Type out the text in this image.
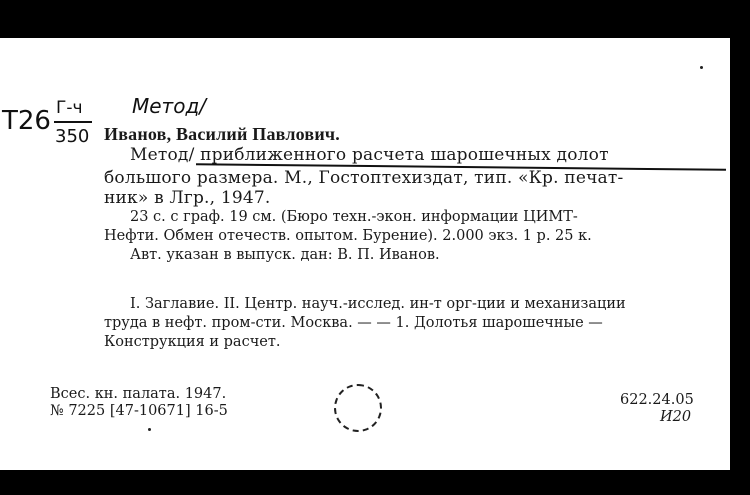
Т26 Г-ч
350
Метод/
Иванов, Василий Павлович.
Метод/ приближенного расчета шарошечных долот
большого размера. М., Гостоптехиздат, тип. «Кр. печат-
ник» в Лгр., 1947.
23 с. с граф. 19 см. (Бюро техн.-экон. информации ЦИМТ-
Нефти. Обмен отечеств. опытом. Бурение). 2.000 экз. 1 р. 25 к.
Авт. указан в выпуск. дан: В. П. Иванов.
I. Заглавие. II. Центр. науч.-исслед. ин-т орг-ции и механизации
труда в нефт. пром-сти. Москва. — — 1. Долотья шарошечные —
Конструкция и расчет.
Всес. кн. палата. 1947.
№ 7225 [47-10671] 16-5
622.24.05
И20
